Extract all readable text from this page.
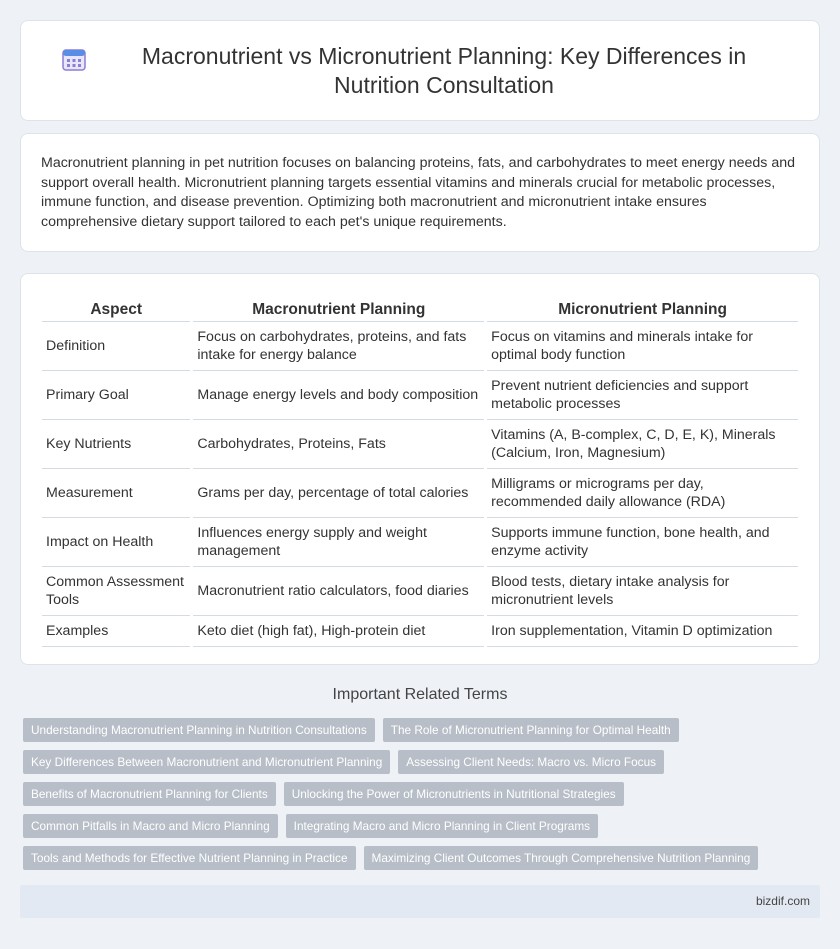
Macronutrient vs Micronutrient Planning: Key Differences in Nutrition Consultation

Macronutrient planning in pet nutrition focuses on balancing proteins, fats, and carbohydrates to meet energy needs and support overall health. Micronutrient planning targets essential vitamins and minerals crucial for metabolic processes, immune function, and disease prevention. Optimizing both macronutrient and micronutrient intake ensures comprehensive dietary support tailored to each pet's unique requirements.

Aspect	Macronutrient Planning	Micronutrient Planning
Definition	Focus on carbohydrates, proteins, and fats intake for energy balance	Focus on vitamins and minerals intake for optimal body function
Primary Goal	Manage energy levels and body composition	Prevent nutrient deficiencies and support metabolic processes
Key Nutrients	Carbohydrates, Proteins, Fats	Vitamins (A, B-complex, C, D, E, K), Minerals (Calcium, Iron, Magnesium)
Measurement	Grams per day, percentage of total calories	Milligrams or micrograms per day, recommended daily allowance (RDA)
Impact on Health	Influences energy supply and weight management	Supports immune function, bone health, and enzyme activity
Common Assessment Tools	Macronutrient ratio calculators, food diaries	Blood tests, dietary intake analysis for micronutrient levels
Examples	Keto diet (high fat), High-protein diet	Iron supplementation, Vitamin D optimization
Important Related Terms
Understanding Macronutrient Planning in Nutrition Consultations	The Role of Micronutrient Planning for Optimal Health
Key Differences Between Macronutrient and Micronutrient Planning	Assessing Client Needs: Macro vs. Micro Focus
Benefits of Macronutrient Planning for Clients	Unlocking the Power of Micronutrients in Nutritional Strategies
Common Pitfalls in Macro and Micro Planning	Integrating Macro and Micro Planning in Client Programs
Tools and Methods for Effective Nutrient Planning in Practice	Maximizing Client Outcomes Through Comprehensive Nutrition Planning
bizdif.com
